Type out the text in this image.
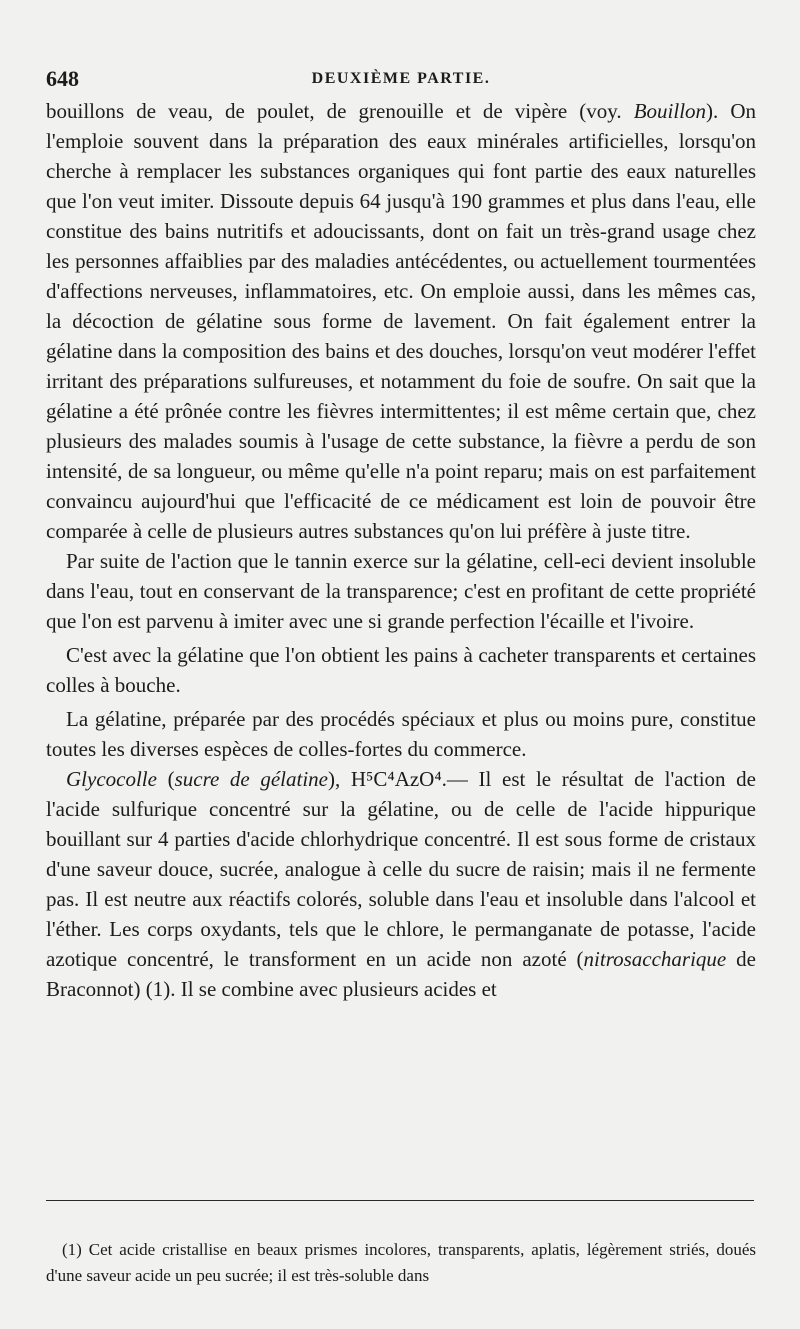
648	DEUXIÈME PARTIE.

bouillons de veau, de poulet, de grenouille et de vipère (voy. Bouillon). On l'emploie souvent dans la préparation des eaux minérales artificielles, lorsqu'on cherche à remplacer les substances organiques qui font partie des eaux naturelles que l'on veut imiter. Dissoute depuis 64 jusqu'à 190 grammes et plus dans l'eau, elle constitue des bains nutritifs et adoucissants, dont on fait un très-grand usage chez les personnes affaiblies par des maladies antécédentes, ou actuellement tourmentées d'affections nerveuses, inflammatoires, etc. On emploie aussi, dans les mêmes cas, la décoction de gélatine sous forme de lavement. On fait également entrer la gélatine dans la composition des bains et des douches, lorsqu'on veut modérer l'effet irritant des préparations sulfureuses, et notamment du foie de soufre. On sait que la gélatine a été prônée contre les fièvres intermittentes; il est même certain que, chez plusieurs des malades soumis à l'usage de cette substance, la fièvre a perdu de son intensité, de sa longueur, ou même qu'elle n'a point reparu; mais on est parfaitement convaincu aujourd'hui que l'efficacité de ce médicament est loin de pouvoir être comparée à celle de plusieurs autres substances qu'on lui préfère à juste titre.

Par suite de l'action que le tannin exerce sur la gélatine, cell-eci devient insoluble dans l'eau, tout en conservant de la transparence; c'est en profitant de cette propriété que l'on est parvenu à imiter avec une si grande perfection l'écaille et l'ivoire.

C'est avec la gélatine que l'on obtient les pains à cacheter transparents et certaines colles à bouche.

La gélatine, préparée par des procédés spéciaux et plus ou moins pure, constitue toutes les diverses espèces de colles-fortes du commerce.

Glycocolle (sucre de gélatine), H⁵C⁴AzO⁴.— Il est le résultat de l'action de l'acide sulfurique concentré sur la gélatine, ou de celle de l'acide hippurique bouillant sur 4 parties d'acide chlorhydrique concentré. Il est sous forme de cristaux d'une saveur douce, sucrée, analogue à celle du sucre de raisin; mais il ne fermente pas. Il est neutre aux réactifs colorés, soluble dans l'eau et insoluble dans l'alcool et l'éther. Les corps oxydants, tels que le chlore, le permanganate de potasse, l'acide azotique concentré, le transforment en un acide non azoté (nitrosaccharique de Braconnot) (1). Il se combine avec plusieurs acides et

(1) Cet acide cristallise en beaux prismes incolores, transparents, aplatis, légèrement striés, doués d'une saveur acide un peu sucrée; il est très-soluble dans
